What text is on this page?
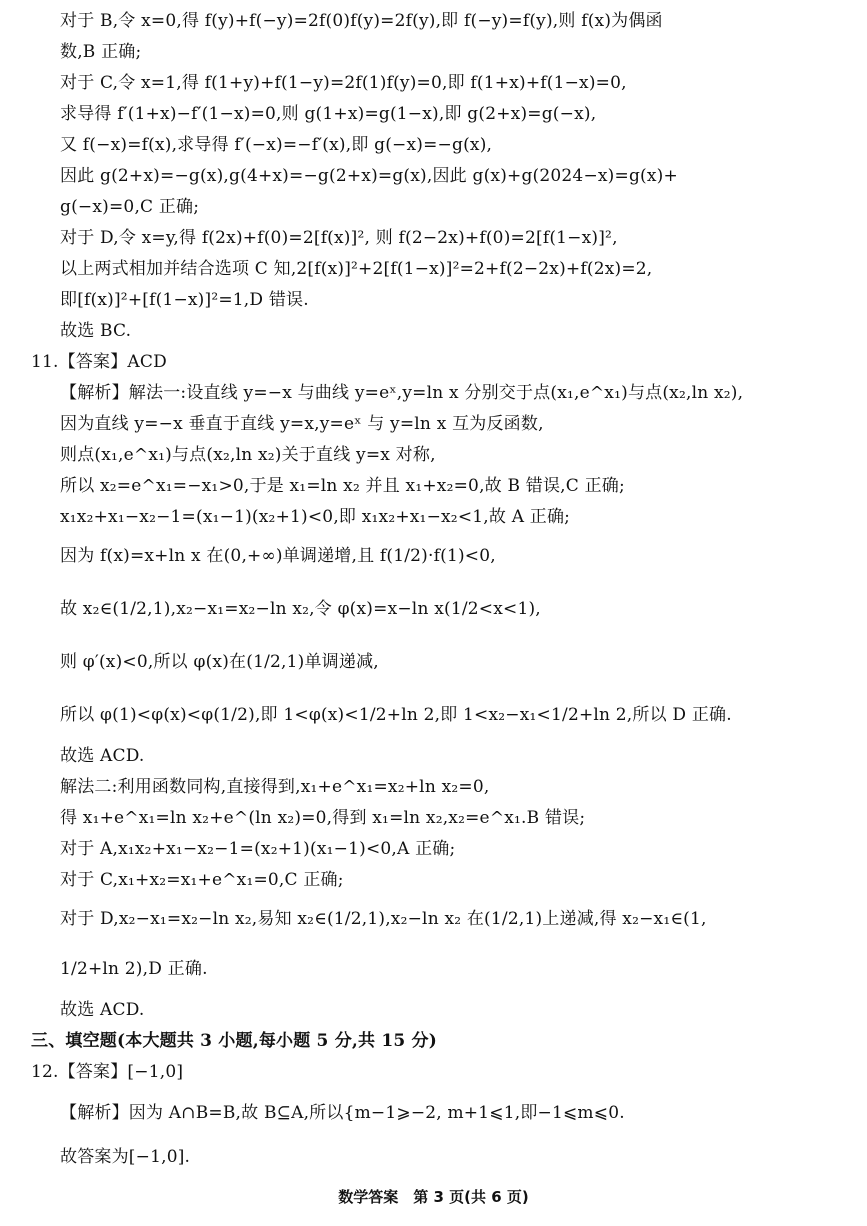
对于 B,令 x=0,得 f(y)+f(−y)=2f(0)f(y)=2f(y),即 f(−y)=f(y),则 f(x)为偶函
数,B 正确;
对于 C,令 x=1,得 f(1+y)+f(1−y)=2f(1)f(y)=0,即 f(1+x)+f(1−x)=0,
求导得 f′(1+x)−f′(1−x)=0,则 g(1+x)=g(1−x),即 g(2+x)=g(−x),
又 f(−x)=f(x),求导得 f′(−x)=−f′(x),即 g(−x)=−g(x),
因此 g(2+x)=−g(x),g(4+x)=−g(2+x)=g(x),因此 g(x)+g(2024−x)=g(x)+
g(−x)=0,C 正确;
对于 D,令 x=y,得 f(2x)+f(0)=2[f(x)]², 则 f(2−2x)+f(0)=2[f(1−x)]²,
以上两式相加并结合选项 C 知,2[f(x)]²+2[f(1−x)]²=2+f(2−2x)+f(2x)=2,
即[f(x)]²+[f(1−x)]²=1,D 错误.
故选 BC.
11.【答案】ACD
【解析】解法一:设直线 y=−x 与曲线 y=eˣ,y=ln x 分别交于点(x₁,e^x₁)与点(x₂,ln x₂),
因为直线 y=−x 垂直于直线 y=x,y=eˣ 与 y=ln x 互为反函数,
则点(x₁,e^x₁)与点(x₂,ln x₂)关于直线 y=x 对称,
所以 x₂=e^x₁=−x₁>0,于是 x₁=ln x₂ 并且 x₁+x₂=0,故 B 错误,C 正确;
x₁x₂+x₁−x₂−1=(x₁−1)(x₂+1)<0,即 x₁x₂+x₁−x₂<1,故 A 正确;
因为 f(x)=x+ln x 在(0,+∞)单调递增,且 f(1/2)·f(1)<0,
故 x₂∈(1/2,1),x₂−x₁=x₂−ln x₂,令 φ(x)=x−ln x(1/2<x<1),
则 φ′(x)<0,所以 φ(x)在(1/2,1)单调递减,
所以 φ(1)<φ(x)<φ(1/2),即 1<φ(x)<1/2+ln 2,即 1<x₂−x₁<1/2+ln 2,所以 D 正确.
故选 ACD.
解法二:利用函数同构,直接得到,x₁+e^x₁=x₂+ln x₂=0,
得 x₁+e^x₁=ln x₂+e^(ln x₂)=0,得到 x₁=ln x₂,x₂=e^x₁.B 错误;
对于 A,x₁x₂+x₁−x₂−1=(x₂+1)(x₁−1)<0,A 正确;
对于 C,x₁+x₂=x₁+e^x₁=0,C 正确;
对于 D,x₂−x₁=x₂−ln x₂,易知 x₂∈(1/2,1),x₂−ln x₂ 在(1/2,1)上递减,得 x₂−x₁∈(1,
1/2+ln 2),D 正确.
故选 ACD.
三、填空题(本大题共 3 小题,每小题 5 分,共 15 分)
12.【答案】[−1,0]
【解析】因为 A∩B=B,故 B⊆A,所以{m−1⩾−2, m+1⩽1,即−1⩽m⩽0.
故答案为[−1,0].
数学答案　第 3 页(共 6 页)
